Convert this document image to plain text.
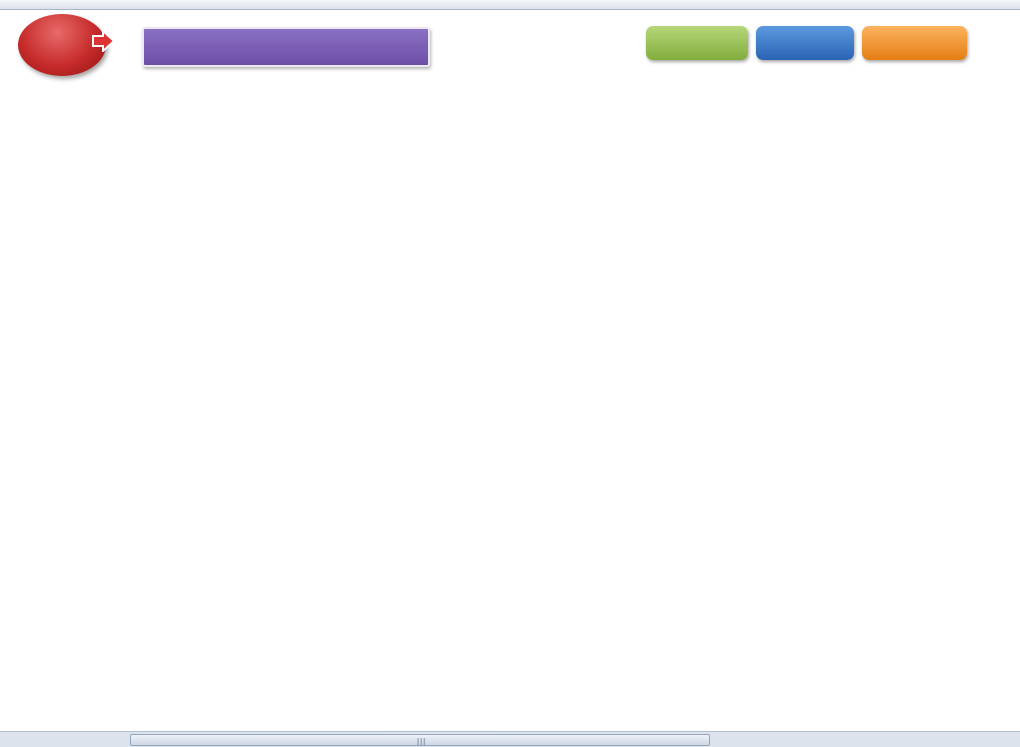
|||
